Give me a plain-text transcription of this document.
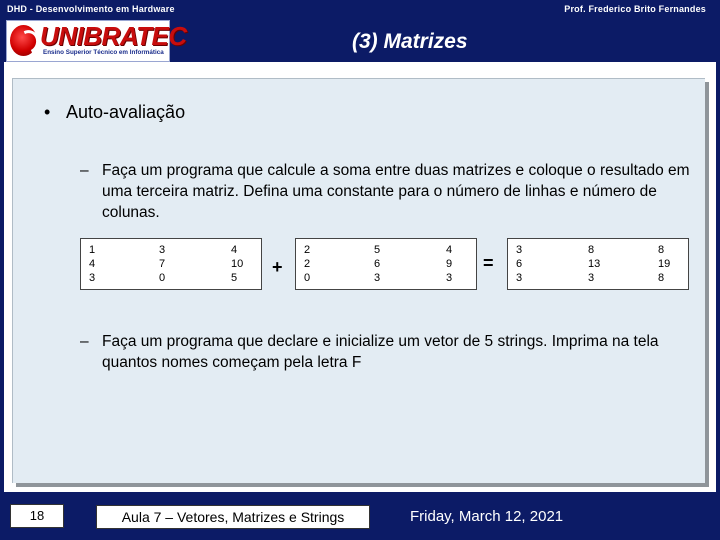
DHD - Desenvolvimento em Hardware	Prof. Frederico Brito Fernandes
UNIBRATEC
Ensino Superior Técnico em Informática	(3) Matrizes
• Auto-avaliação
– Faça um programa que calcule a soma entre duas matrizes e coloque o resultado em uma terceira matriz. Defina uma constante para o número de linhas e número de colunas.
1	3	4
4	7	10
3	0	5
+
2	5	4
2	6	9
0	3	3
=
3	8	8
6	13	19
3	3	8
– Faça um programa que declare e inicialize um vetor de 5 strings. Imprima na tela quantos nomes começam pela letra F
18	Aula 7 – Vetores, Matrizes e Strings	Friday, March 12, 2021
